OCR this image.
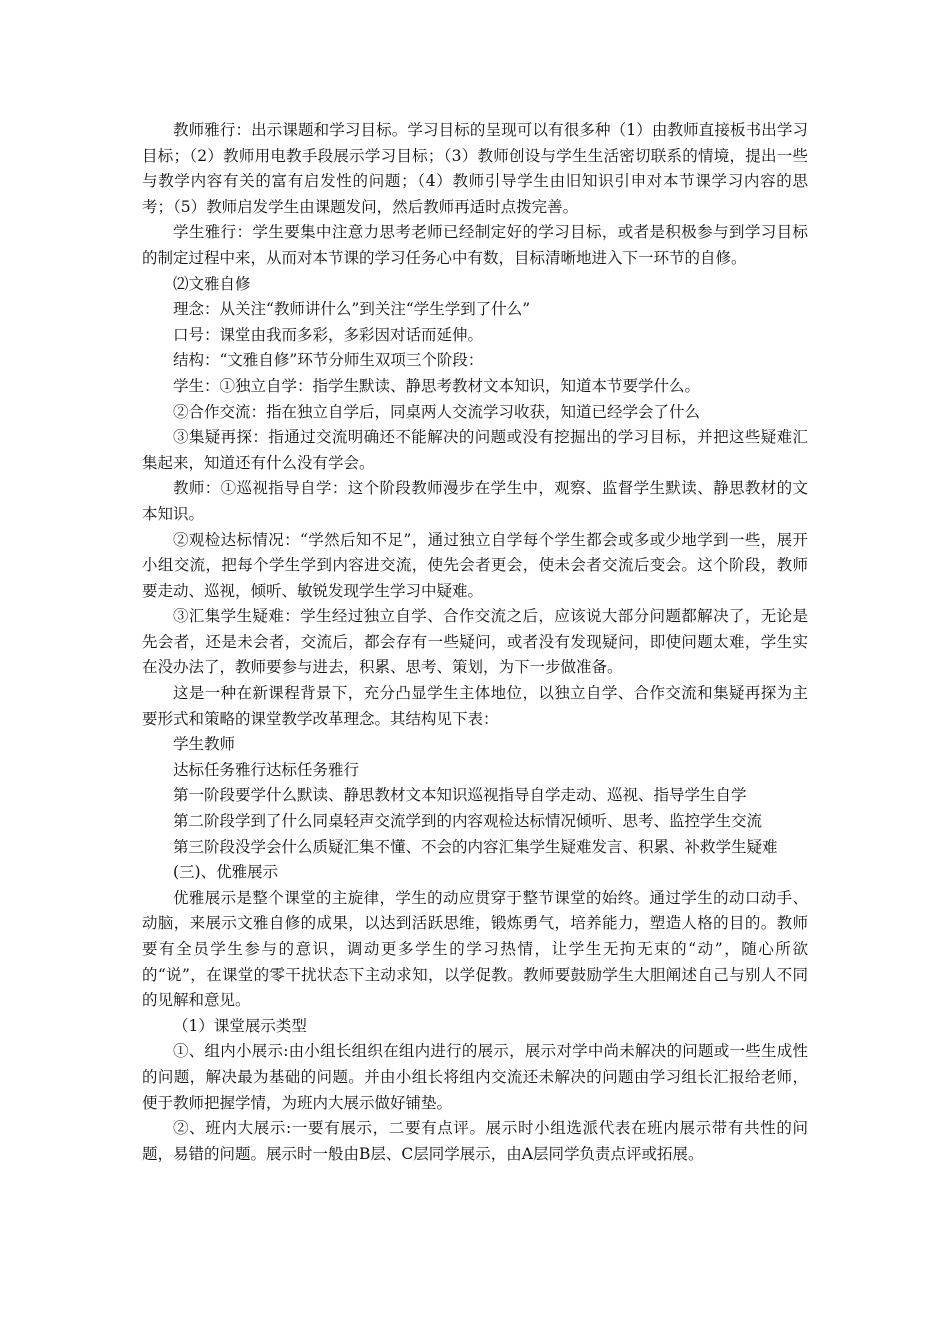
教师雅行：出示课题和学习目标。学习目标的呈现可以有很多种（1）由教师直接板书出学习目标；（2）教师用电教手段展示学习目标；（3）教师创设与学生生活密切联系的情境，提出一些与教学内容有关的富有启发性的问题；（4）教师引导学生由旧知识引申对本节课学习内容的思考；（5）教师启发学生由课题发问，然后教师再适时点拨完善。

学生雅行：学生要集中注意力思考老师已经制定好的学习目标，或者是积极参与到学习目标的制定过程中来，从而对本节课的学习任务心中有数，目标清晰地进入下一环节的自修。

⑵文雅自修

理念：从关注“教师讲什么”到关注“学生学到了什么”

口号：课堂由我而多彩，多彩因对话而延伸。

结构：“文雅自修”环节分师生双项三个阶段：

学生：①独立自学：指学生默读、静思考教材文本知识，知道本节要学什么。

②合作交流：指在独立自学后，同桌两人交流学习收获，知道已经学会了什么

③集疑再探：指通过交流明确还不能解决的问题或没有挖掘出的学习目标，并把这些疑难汇集起来，知道还有什么没有学会。

教师：①巡视指导自学：这个阶段教师漫步在学生中，观察、监督学生默读、静思教材的文本知识。

②观检达标情况：“学然后知不足”，通过独立自学每个学生都会或多或少地学到一些，展开小组交流，把每个学生学到内容进交流，使先会者更会，使未会者交流后变会。这个阶段，教师要走动、巡视，倾听、敏锐发现学生学习中疑难。

③汇集学生疑难：学生经过独立自学、合作交流之后，应该说大部分问题都解决了，无论是先会者，还是未会者，交流后，都会存有一些疑问，或者没有发现疑问，即使问题太难，学生实在没办法了，教师要参与进去，积累、思考、策划，为下一步做准备。

这是一种在新课程背景下，充分凸显学生主体地位，以独立自学、合作交流和集疑再探为主要形式和策略的课堂教学改革理念。其结构见下表：

学生教师

达标任务雅行达标任务雅行

第一阶段要学什么默读、静思教材文本知识巡视指导自学走动、巡视、指导学生自学

第二阶段学到了什么同桌轻声交流学到的内容观检达标情况倾听、思考、监控学生交流

第三阶段没学会什么质疑汇集不懂、不会的内容汇集学生疑难发言、积累、补救学生疑难

(三)、优雅展示

优雅展示是整个课堂的主旋律，学生的动应贯穿于整节课堂的始终。通过学生的动口动手、动脑，来展示文雅自修的成果，以达到活跃思维，锻炼勇气，培养能力，塑造人格的目的。教师要有全员学生参与的意识，调动更多学生的学习热情，让学生无拘无束的“动”，随心所欲的“说”，在课堂的零干扰状态下主动求知，以学促教。教师要鼓励学生大胆阐述自己与别人不同的见解和意见。

（1）课堂展示类型

①、组内小展示:由小组长组织在组内进行的展示，展示对学中尚未解决的问题或一些生成性的问题，解决最为基础的问题。并由小组长将组内交流还未解决的问题由学习组长汇报给老师，便于教师把握学情，为班内大展示做好铺垫。

②、班内大展示:一要有展示，二要有点评。展示时小组选派代表在班内展示带有共性的问题，易错的问题。展示时一般由B层、C层同学展示，由A层同学负责点评或拓展。
